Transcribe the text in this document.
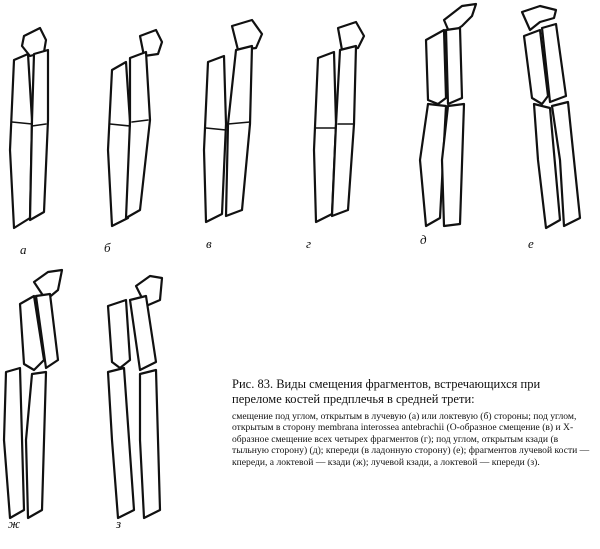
а	б	в	г	д	е
ж	з

Рис. 83. Виды смещения фрагментов, встречающихся при переломе костей предплечья в средней трети:

смещение под углом, открытым в лучевую (а) или локтевую (б) стороны; под углом, открытым в сторону membrana interossea antebrachii (О-образное смещение (в) и Х-образное смещение всех четырех фрагментов (г); под углом, открытым кзади (в тыльную сторону) (д); кпереди (в ладонную сторону) (е); фрагментов лучевой кости — кпереди, а локтевой — кзади (ж); лучевой кзади, а локтевой — кпереди (з).
